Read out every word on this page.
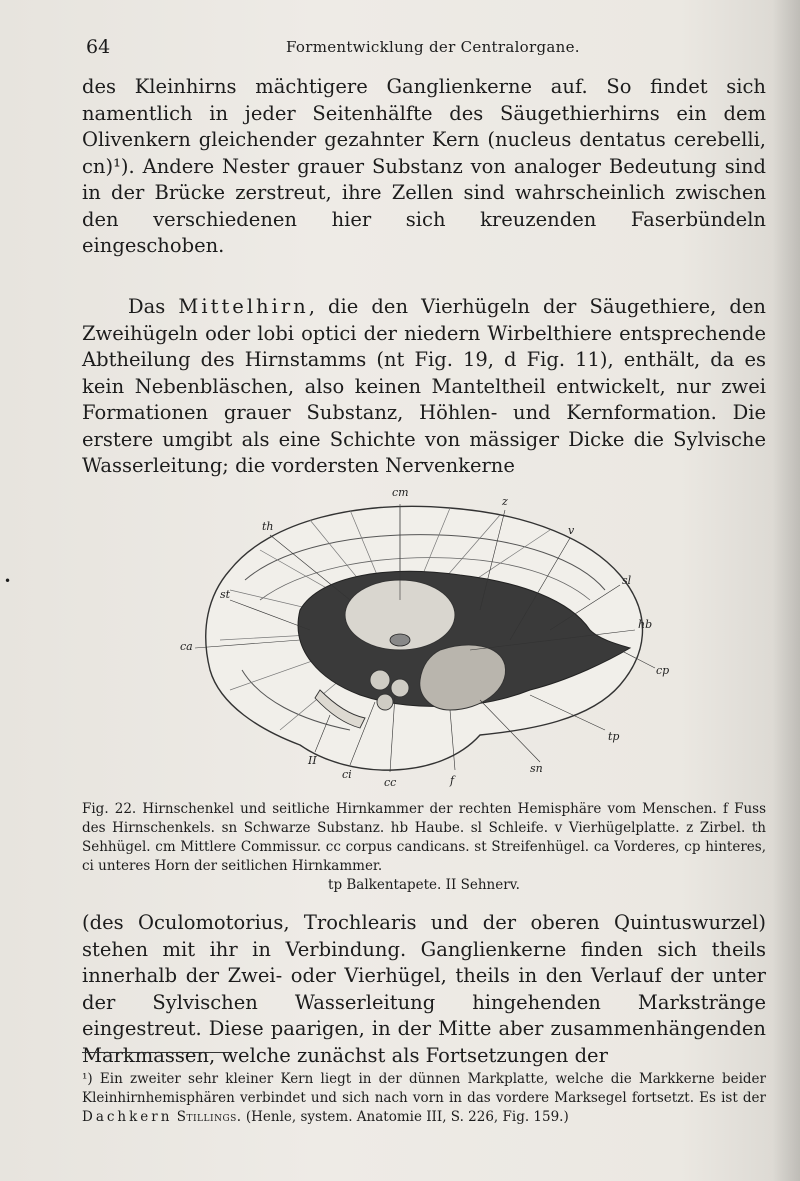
64	Formentwicklung der Centralorgane.

des Kleinhirns mächtigere Ganglienkerne auf. So findet sich namentlich in jeder Seitenhälfte des Säugethierhirns ein dem Olivenkern gleichender gezahnter Kern (nucleus dentatus cerebelli, cn)¹). Andere Nester grauer Substanz von analoger Bedeutung sind in der Brücke zerstreut, ihre Zellen sind wahrscheinlich zwischen den verschiedenen hier sich kreuzenden Faserbündeln eingeschoben.

Das Mittelhirn, die den Vierhügeln der Säugethiere, den Zweihügeln oder lobi optici der niedern Wirbelthiere entsprechende Abtheilung des Hirnstamms (nt Fig. 19, d Fig. 11), enthält, da es kein Nebenbläschen, also keinen Manteltheil entwickelt, nur zwei Formationen grauer Substanz, Höhlen- und Kernformation. Die erstere umgibt als eine Schichte von mässiger Dicke die Sylvische Wasserleitung; die vordersten Nervenkerne

•
cm
z
th	v
st
sl
hb
ca
cp
tp
II
ci
cc	f
sn

Fig. 22. Hirnschenkel und seitliche Hirnkammer der rechten Hemisphäre vom Menschen. f Fuss des Hirnschenkels. sn Schwarze Substanz. hb Haube. sl Schleife. v Vierhügelplatte. z Zirbel. th Sehhügel. cm Mittlere Commissur. cc corpus candicans. st Streifenhügel. ca Vorderes, cp hinteres, ci unteres Horn der seitlichen Hirnkammer.
tp Balkentapete. II Sehnerv.

(des Oculomotorius, Trochlearis und der oberen Quintuswurzel) stehen mit ihr in Verbindung. Ganglienkerne finden sich theils innerhalb der Zwei- oder Vierhügel, theils in den Verlauf der unter der Sylvischen Wasserleitung hingehenden Markstränge eingestreut. Diese paarigen, in der Mitte aber zusammenhängenden Markmassen, welche zunächst als Fortsetzungen der

¹) Ein zweiter sehr kleiner Kern liegt in der dünnen Markplatte, welche die Markkerne beider Kleinhirnhemisphären verbindet und sich nach vorn in das vordere Marksegel fortsetzt. Es ist der Dachkern Stillings. (Henle, system. Anatomie III, S. 226, Fig. 159.)
